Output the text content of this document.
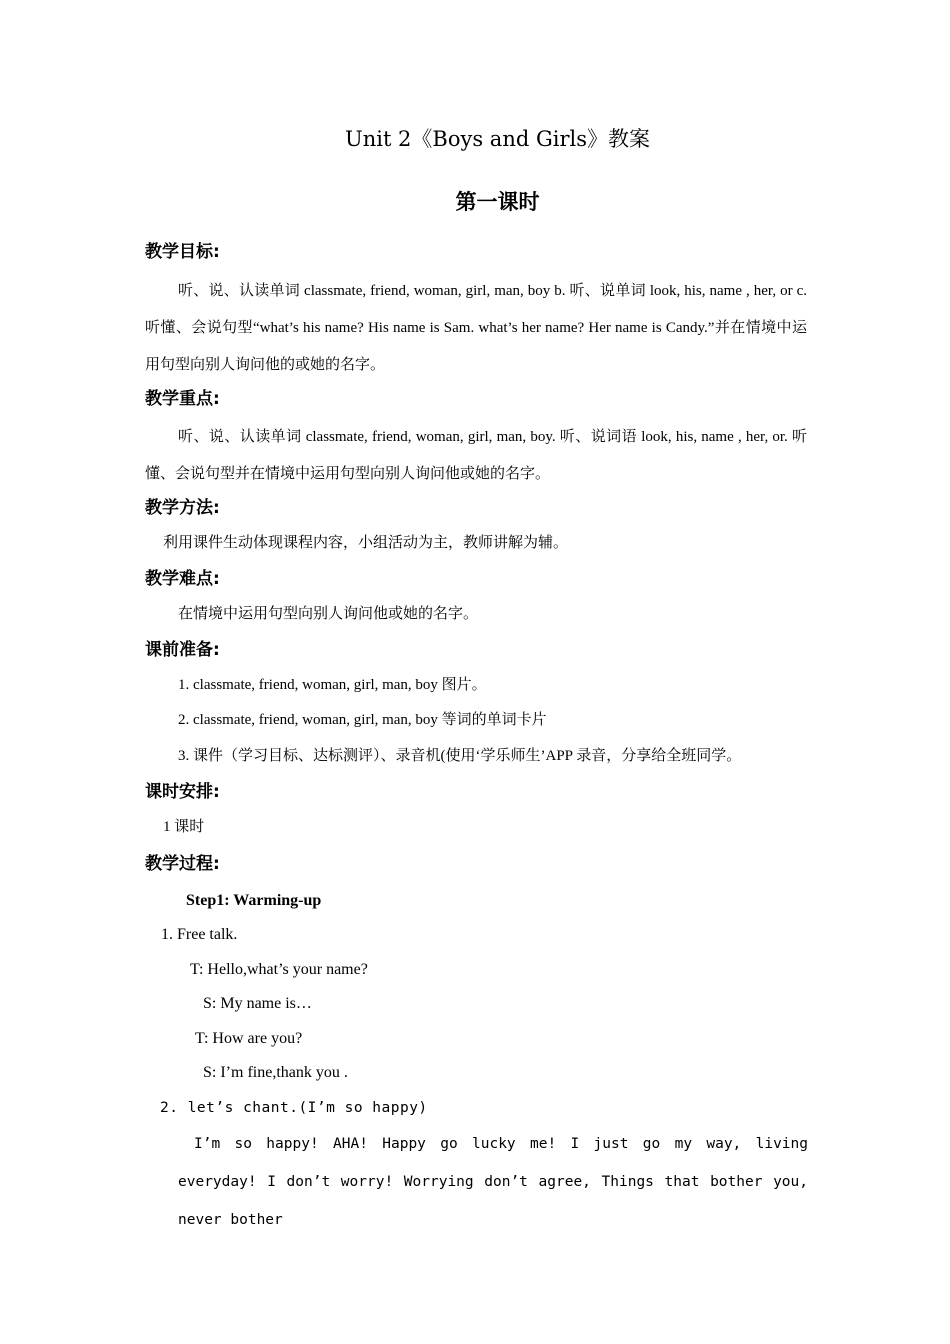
Unit 2《Boys and Girls》教案
第一课时
教学目标:
听、说、认读单词 classmate, friend, woman, girl, man, boy b. 听、说单词 look, his, name , her, or c. 听懂、会说句型“what’s his name? His name is Sam. what’s her name? Her name is Candy.”并在情境中运用句型向别人询问他的或她的名字。
教学重点:
听、说、认读单词 classmate, friend, woman, girl, man, boy. 听、说词语 look, his, name , her, or. 听懂、会说句型并在情境中运用句型向别人询问他或她的名字。
教学方法:
利用课件生动体现课程内容，小组活动为主，教师讲解为辅。
教学难点:
在情境中运用句型向别人询问他或她的名字。
课前准备:
1. classmate, friend, woman, girl, man, boy 图片。
2. classmate, friend, woman, girl, man, boy 等词的单词卡片
3. 课件（学习目标、达标测评）、录音机(使用‘学乐师生’APP 录音，分享给全班同学。
课时安排:
1 课时
教学过程:
Step1: Warming-up
1. Free talk.
T: Hello,what’s your name?
S: My name is…
T: How are you?
S: I’m fine,thank you .
2. let’s chant.(I’m so happy)
I’m so happy! AHA! Happy go lucky me! I just go my way, living everyday! I don’t worry! Worrying don’t agree, Things that bother you, never bother
